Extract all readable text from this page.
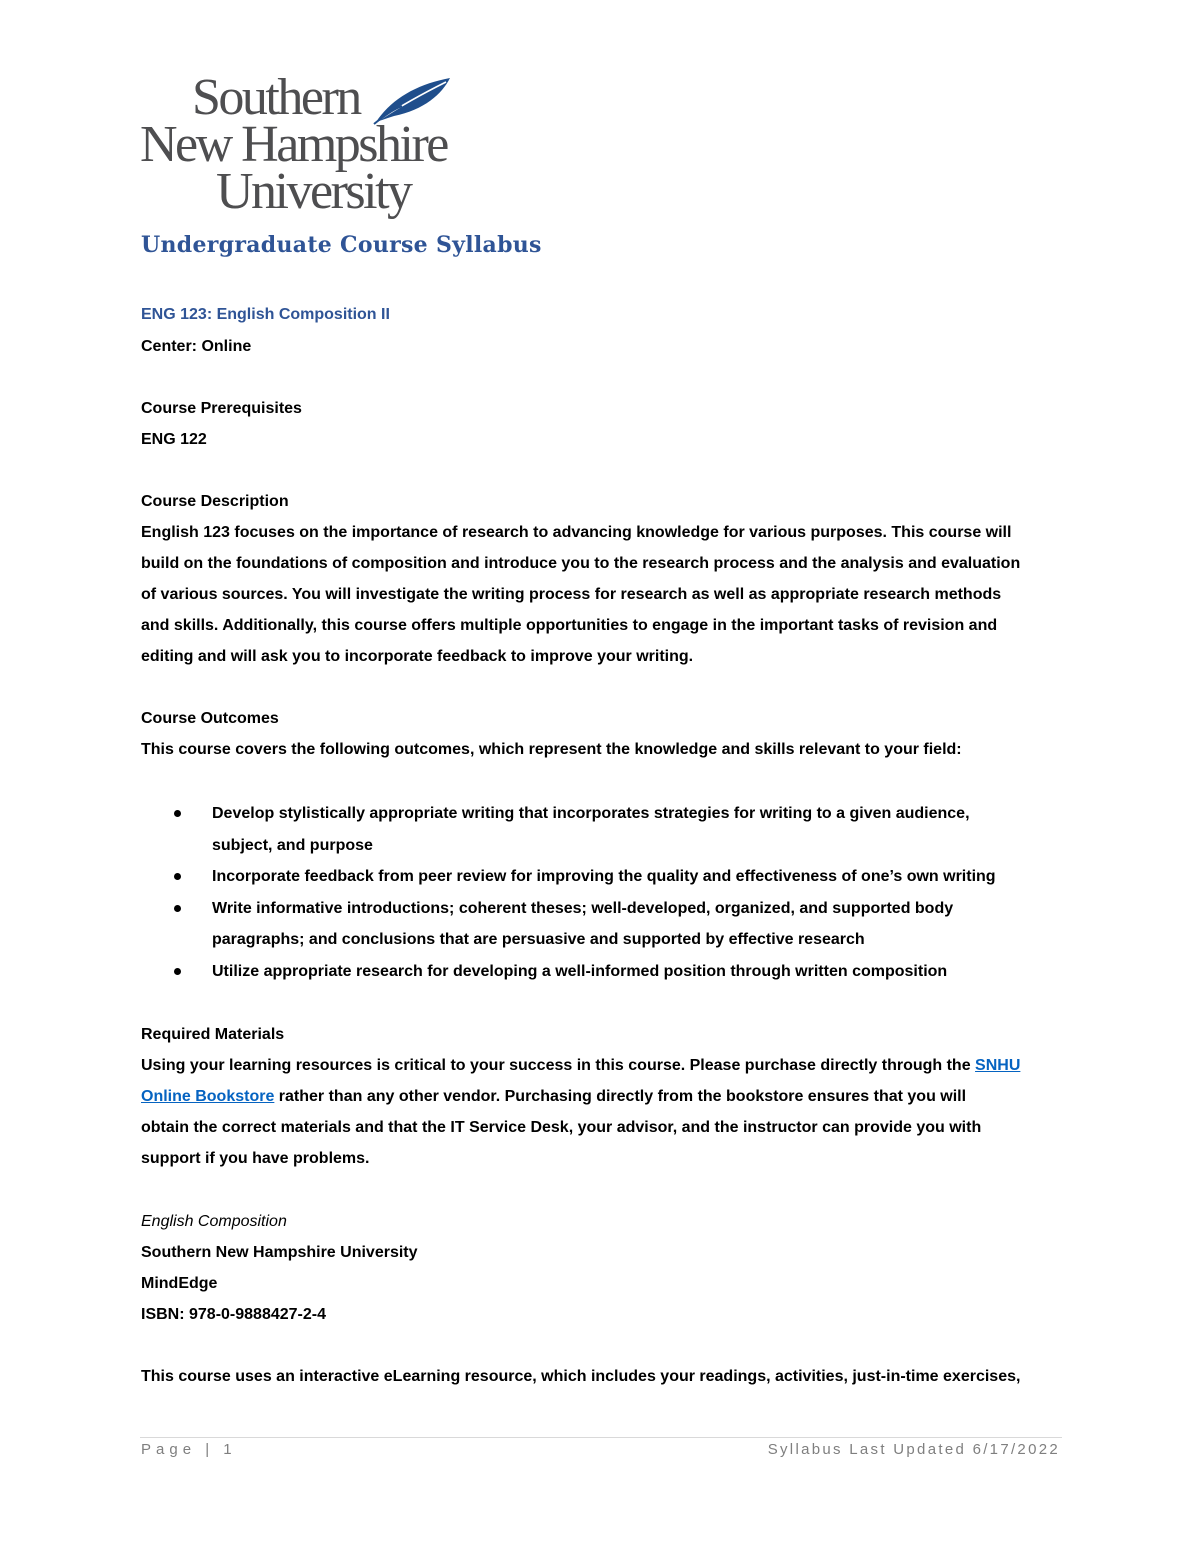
Southern
New Hampshire
University
Undergraduate Course Syllabus
ENG 123: English Composition II
Center: Online
Course Prerequisites
ENG 122
Course Description
English 123 focuses on the importance of research to advancing knowledge for various purposes. This course will
build on the foundations of composition and introduce you to the research process and the analysis and evaluation
of various sources. You will investigate the writing process for research as well as appropriate research methods
and skills. Additionally, this course offers multiple opportunities to engage in the important tasks of revision and
editing and will ask you to incorporate feedback to improve your writing.
Course Outcomes
This course covers the following outcomes, which represent the knowledge and skills relevant to your field:
Develop stylistically appropriate writing that incorporates strategies for writing to a given audience,
subject, and purpose
Incorporate feedback from peer review for improving the quality and effectiveness of one’s own writing
Write informative introductions; coherent theses; well-developed, organized, and supported body
paragraphs; and conclusions that are persuasive and supported by effective research
Utilize appropriate research for developing a well-informed position through written composition
Required Materials
Using your learning resources is critical to your success in this course. Please purchase directly through the SNHU
Online Bookstore rather than any other vendor. Purchasing directly from the bookstore ensures that you will
obtain the correct materials and that the IT Service Desk, your advisor, and the instructor can provide you with
support if you have problems.
English Composition
Southern New Hampshire University
MindEdge
ISBN: 978-0-9888427-2-4
This course uses an interactive eLearning resource, which includes your readings, activities, just-in-time exercises,
Page | 1	Syllabus Last Updated 6/17/2022
